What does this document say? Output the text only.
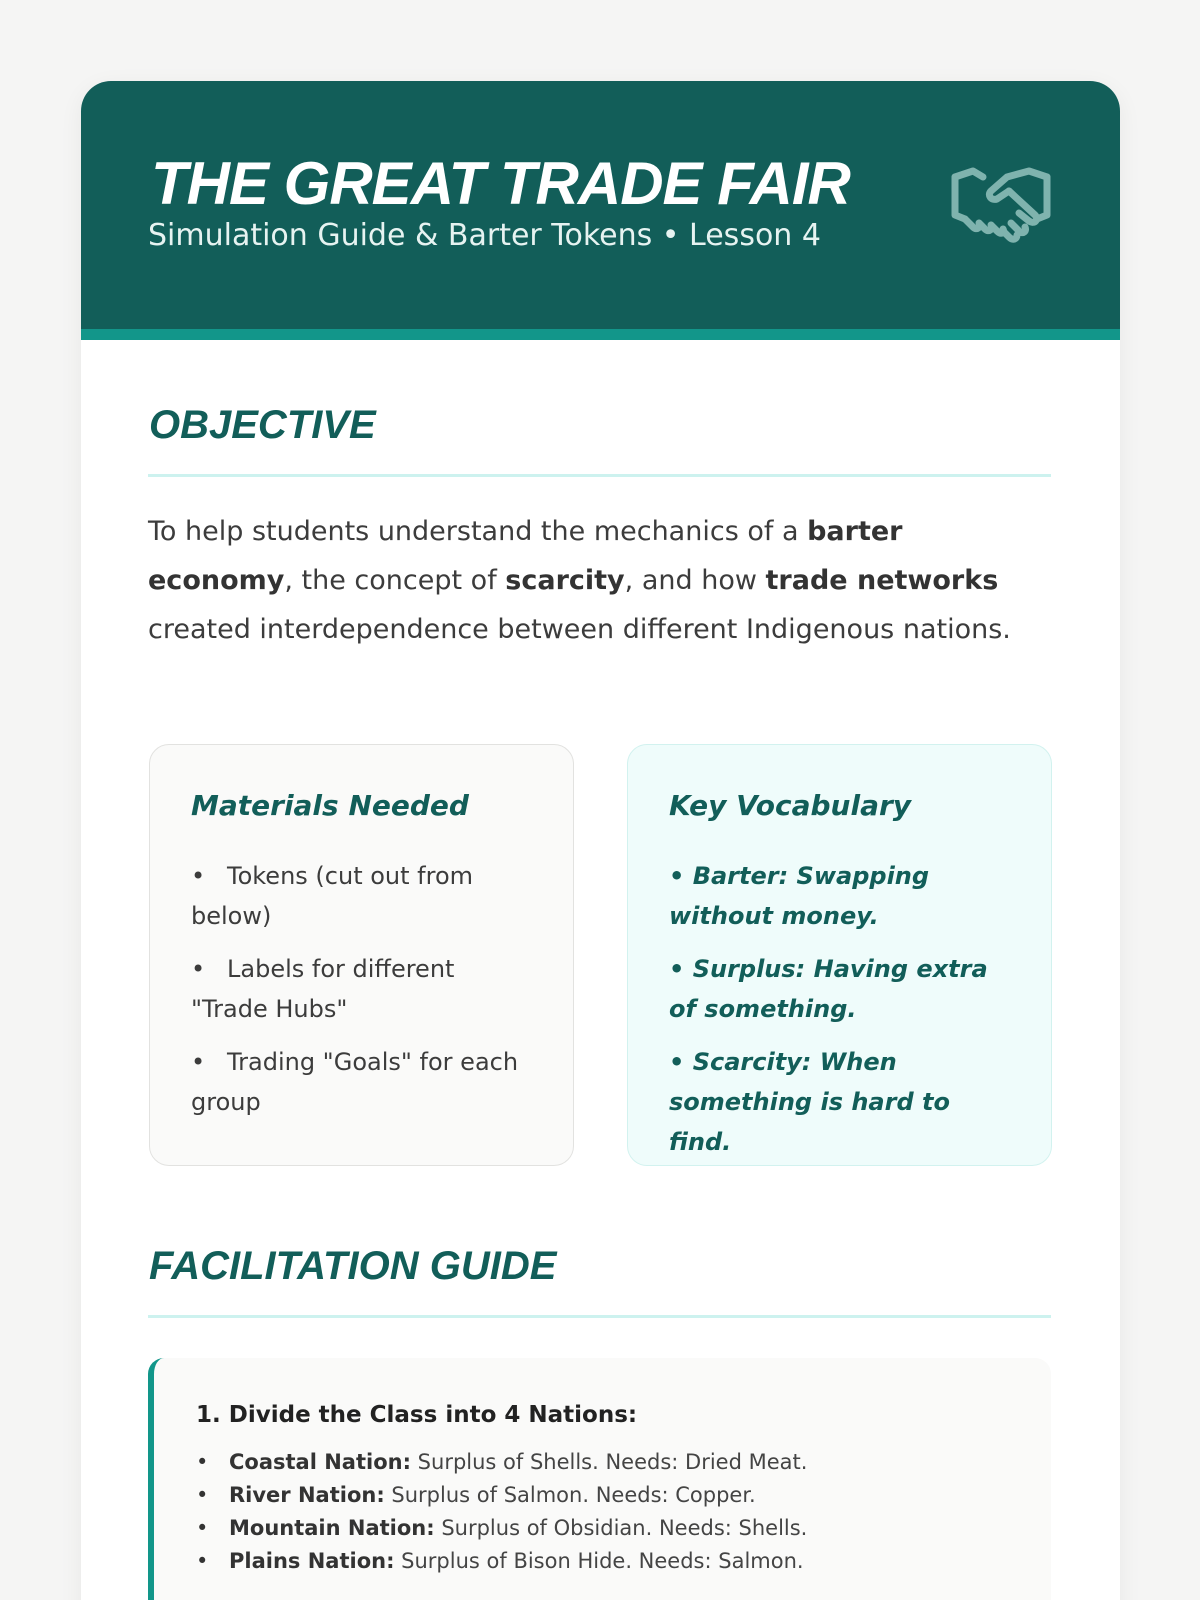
THE GREAT TRADE FAIR
Simulation Guide & Barter Tokens • Lesson 4
OBJECTIVE

To help students understand the mechanics of a barter economy, the concept of scarcity, and how trade networks created interdependence between different Indigenous nations.

Materials Needed
• Tokens (cut out from below)
• Labels for different "Trade Hubs"
• Trading "Goals" for each group
Key Vocabulary
• Barter: Swapping without money.
• Surplus: Having extra of something.
• Scarcity: When something is hard to find.
FACILITATION GUIDE
1. Divide the Class into 4 Nations:
• Coastal Nation: Surplus of Shells. Needs: Dried Meat.
• River Nation: Surplus of Salmon. Needs: Copper.
• Mountain Nation: Surplus of Obsidian. Needs: Shells.
• Plains Nation: Surplus of Bison Hide. Needs: Salmon.
